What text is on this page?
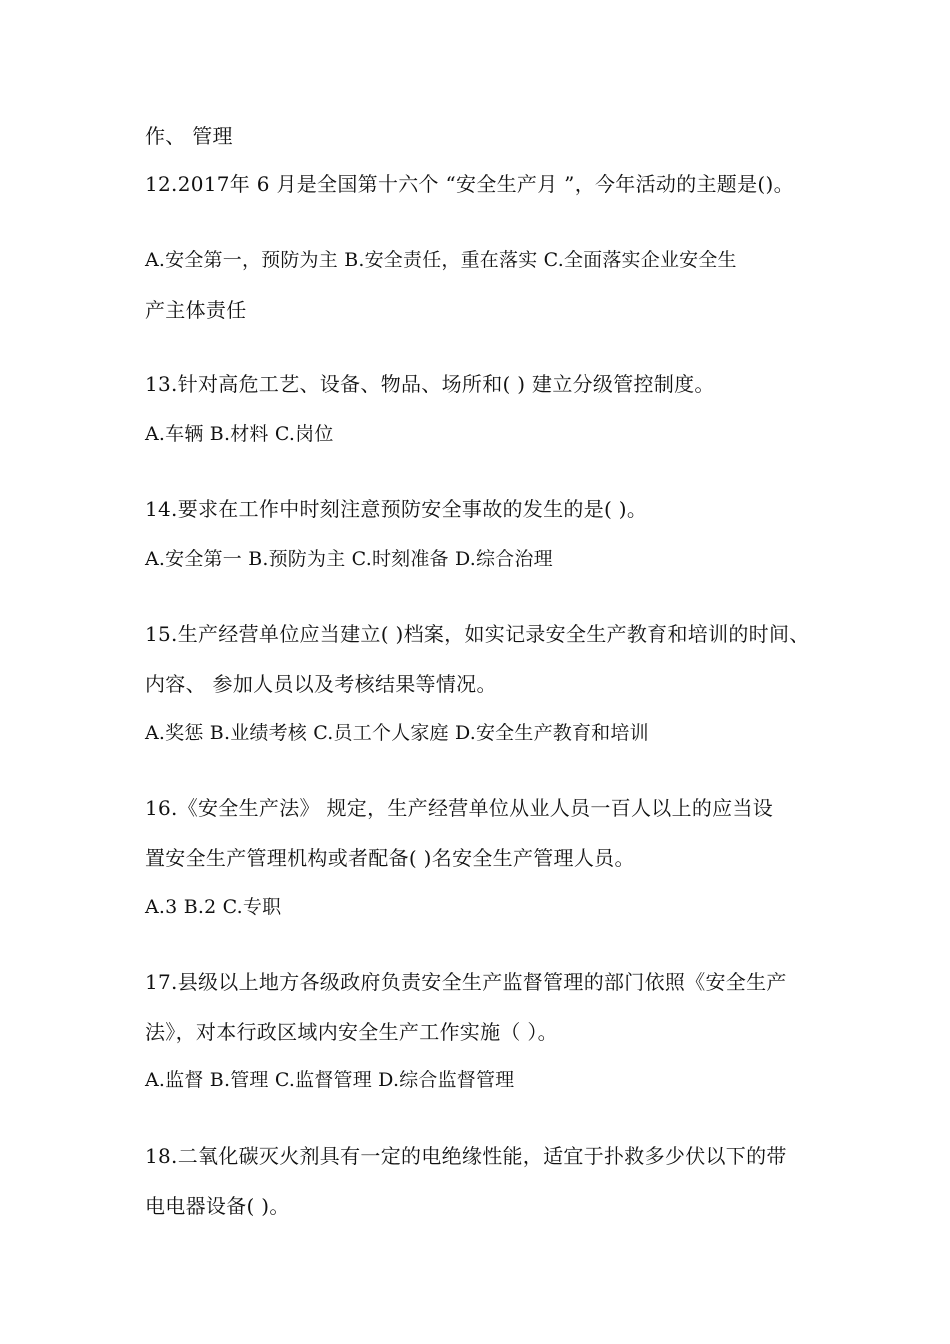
作、 管理
12.2017年 6 月是全国第十六个 “安全生产月 ”，今年活动的主题是()。
A.安全第一，预防为主 B.安全责任，重在落实 C.全面落实企业安全生
产主体责任
13.针对高危工艺、设备、物品、场所和( ) 建立分级管控制度。
A.车辆 B.材料 C.岗位
14.要求在工作中时刻注意预防安全事故的发生的是( )。
A.安全第一 B.预防为主 C.时刻准备 D.综合治理
15.生产经营单位应当建立( )档案，如实记录安全生产教育和培训的时间、
内容、 参加人员以及考核结果等情况。
A.奖惩 B.业绩考核 C.员工个人家庭 D.安全生产教育和培训
16.《安全生产法》 规定，生产经营单位从业人员一百人以上的应当设
置安全生产管理机构或者配备( )名安全生产管理人员。
A.3 B.2 C.专职
17.县级以上地方各级政府负责安全生产监督管理的部门依照《安全生产
法》，对本行政区域内安全生产工作实施（ ）。
A.监督 B.管理 C.监督管理 D.综合监督管理
18.二氧化碳灭火剂具有一定的电绝缘性能，适宜于扑救多少伏以下的带
电电器设备( )。
